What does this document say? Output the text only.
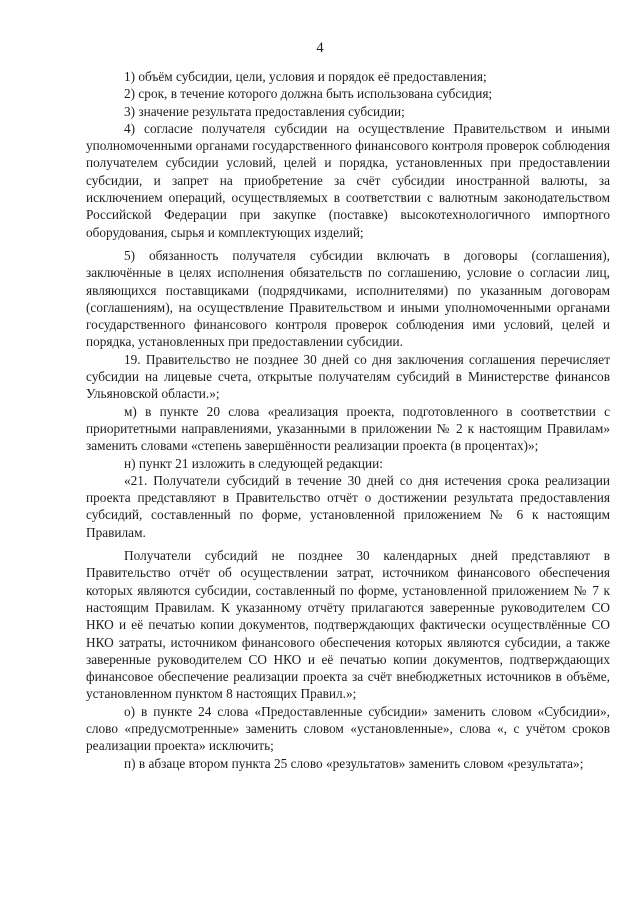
4

1) объём субсидии, цели, условия и порядок её предоставления;

2) срок, в течение которого должна быть использована субсидия;

3) значение результата предоставления субсидии;

4) согласие получателя субсидии на осуществление Правительством и иными уполномоченными органами государственного финансового контроля проверок соблюдения получателем субсидии условий, целей и порядка, установленных при предоставлении субсидии, и запрет на приобретение за счёт субсидии иностранной валюты, за исключением операций, осуществляемых в соответствии с валютным законодательством Российской Федерации при закупке (поставке) высокотехнологичного импортного оборудования, сырья и комплектующих изделий;

5) обязанность получателя субсидии включать в договоры (соглашения), заключённые в целях исполнения обязательств по соглашению, условие о согласии лиц, являющихся поставщиками (подрядчиками, исполнителями) по указанным договорам (соглашениям), на осуществление Правительством и иными уполномоченными органами государственного финансового контроля проверок соблюдения ими условий, целей и порядка, установленных при предоставлении субсидии.

19. Правительство не позднее 30 дней со дня заключения соглашения перечисляет субсидии на лицевые счета, открытые получателям субсидий в Министерстве финансов Ульяновской области.»;

м) в пункте 20 слова «реализация проекта, подготовленного в соответствии с приоритетными направлениями, указанными в приложении № 2 к настоящим Правилам» заменить словами «степень завершённости реализации проекта (в процентах)»;

н) пункт 21 изложить в следующей редакции:

«21. Получатели субсидий в течение 30 дней со дня истечения срока реализации проекта представляют в Правительство отчёт о достижении результата предоставления субсидий, составленный по форме, установленной приложением № 6 к настоящим Правилам.

Получатели субсидий не позднее 30 календарных дней представляют в Правительство отчёт об осуществлении затрат, источником финансового обеспечения которых являются субсидии, составленный по форме, установленной приложением № 7 к настоящим Правилам. К указанному отчёту прилагаются заверенные руководителем СО НКО и её печатью копии документов, подтверждающих фактически осуществлённые СО НКО затраты, источником финансового обеспечения которых являются субсидии, а также заверенные руководителем СО НКО и её печатью копии документов, подтверждающих финансовое обеспечение реализации проекта за счёт внебюджетных источников в объёме, установленном пунктом 8 настоящих Правил.»;

о) в пункте 24 слова «Предоставленные субсидии» заменить словом «Субсидии», слово «предусмотренные» заменить словом «установленные», слова «, с учётом сроков реализации проекта» исключить;

п) в абзаце втором пункта 25 слово «результатов» заменить словом «результата»;
